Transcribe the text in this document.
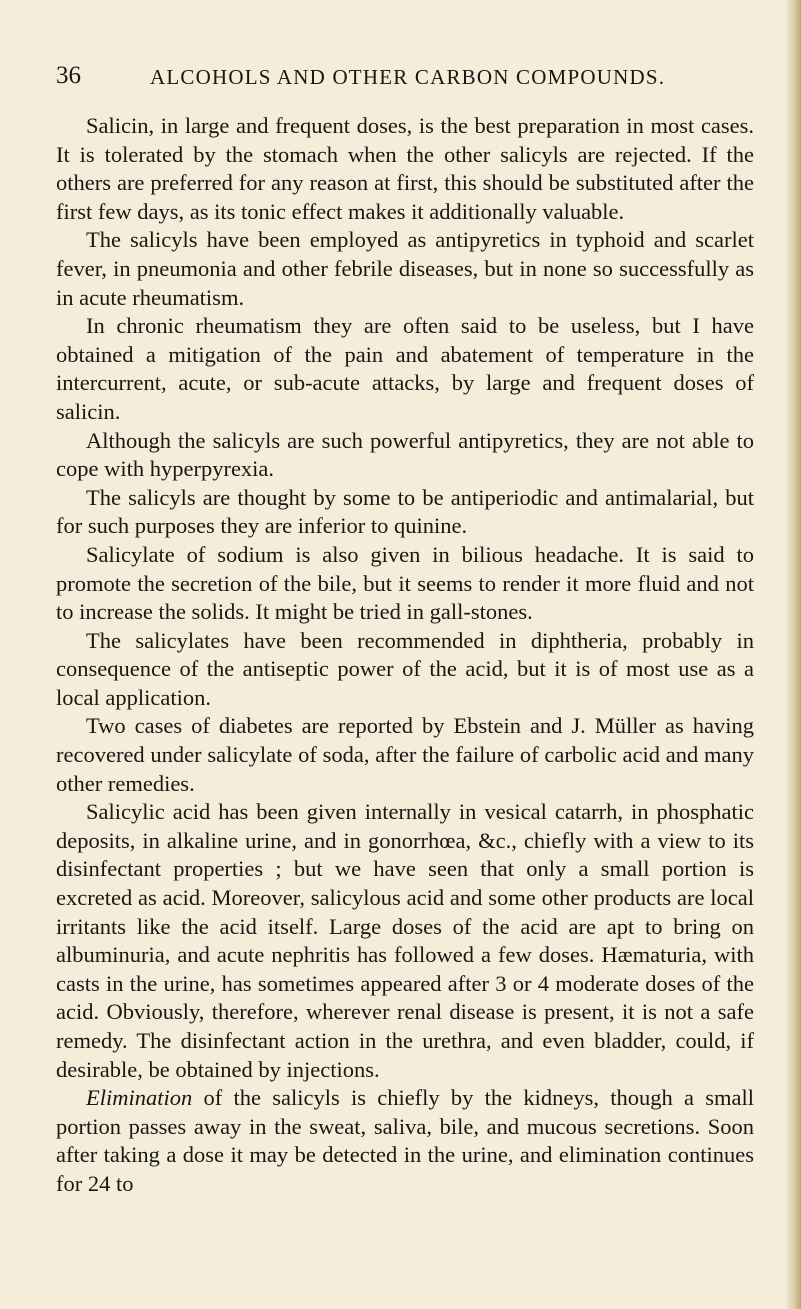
36	ALCOHOLS AND OTHER CARBON COMPOUNDS.

Salicin, in large and frequent doses, is the best preparation in most cases. It is tolerated by the stomach when the other salicyls are rejected. If the others are preferred for any reason at first, this should be substituted after the first few days, as its tonic effect makes it additionally valuable.

The salicyls have been employed as antipyretics in typhoid and scarlet fever, in pneumonia and other febrile diseases, but in none so successfully as in acute rheumatism.

In chronic rheumatism they are often said to be useless, but I have obtained a mitigation of the pain and abatement of temperature in the intercurrent, acute, or sub-acute attacks, by large and frequent doses of salicin.

Although the salicyls are such powerful antipyretics, they are not able to cope with hyperpyrexia.

The salicyls are thought by some to be antiperiodic and antimalarial, but for such purposes they are inferior to quinine.

Salicylate of sodium is also given in bilious headache. It is said to promote the secretion of the bile, but it seems to render it more fluid and not to increase the solids. It might be tried in gall-stones.

The salicylates have been recommended in diphtheria, probably in consequence of the antiseptic power of the acid, but it is of most use as a local application.

Two cases of diabetes are reported by Ebstein and J. Müller as having recovered under salicylate of soda, after the failure of carbolic acid and many other remedies.

Salicylic acid has been given internally in vesical catarrh, in phosphatic deposits, in alkaline urine, and in gonorrhœa, &c., chiefly with a view to its disinfectant properties ; but we have seen that only a small portion is excreted as acid. Moreover, salicylous acid and some other products are local irritants like the acid itself. Large doses of the acid are apt to bring on albuminuria, and acute nephritis has followed a few doses. Hæmaturia, with casts in the urine, has sometimes appeared after 3 or 4 moderate doses of the acid. Obviously, therefore, wherever renal disease is present, it is not a safe remedy. The disinfectant action in the urethra, and even bladder, could, if desirable, be obtained by injections.

Elimination of the salicyls is chiefly by the kidneys, though a small portion passes away in the sweat, saliva, bile, and mucous secretions. Soon after taking a dose it may be detected in the urine, and elimination continues for 24 to
